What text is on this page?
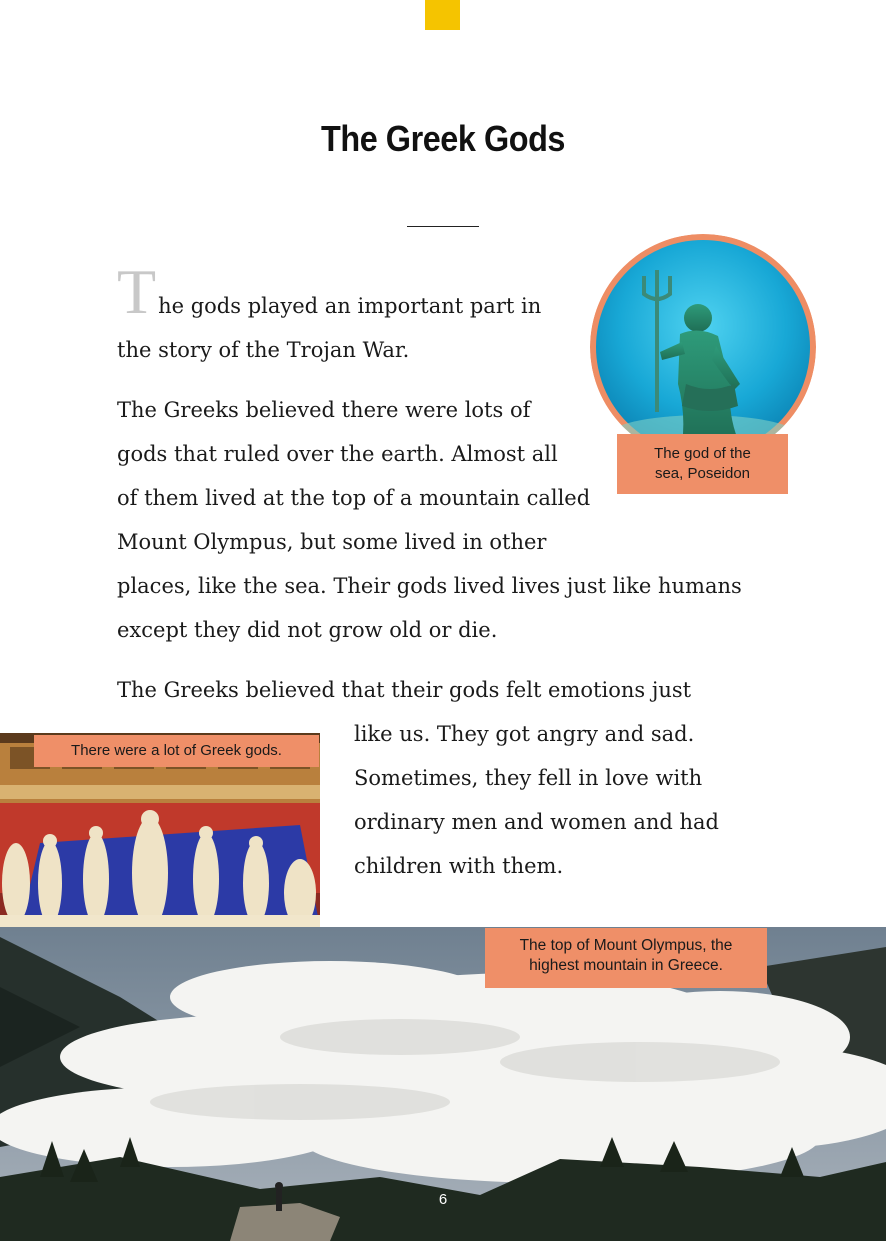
The Greek Gods
T he gods played an important part in
the story of the Trojan War.
The Greeks believed there were lots of
gods that ruled over the earth. Almost all
of them lived at the top of a mountain called
Mount Olympus, but some lived in other
places, like the sea. Their gods lived lives just like humans
except they did not grow old or die.
The Greeks believed that their gods felt emotions just
like us. They got angry and sad.
Sometimes, they fell in love with
ordinary men and women and had
children with them.
The god of the
sea, Poseidon
There were a lot of Greek gods.
The top of Mount Olympus, the
highest mountain in Greece.
6
